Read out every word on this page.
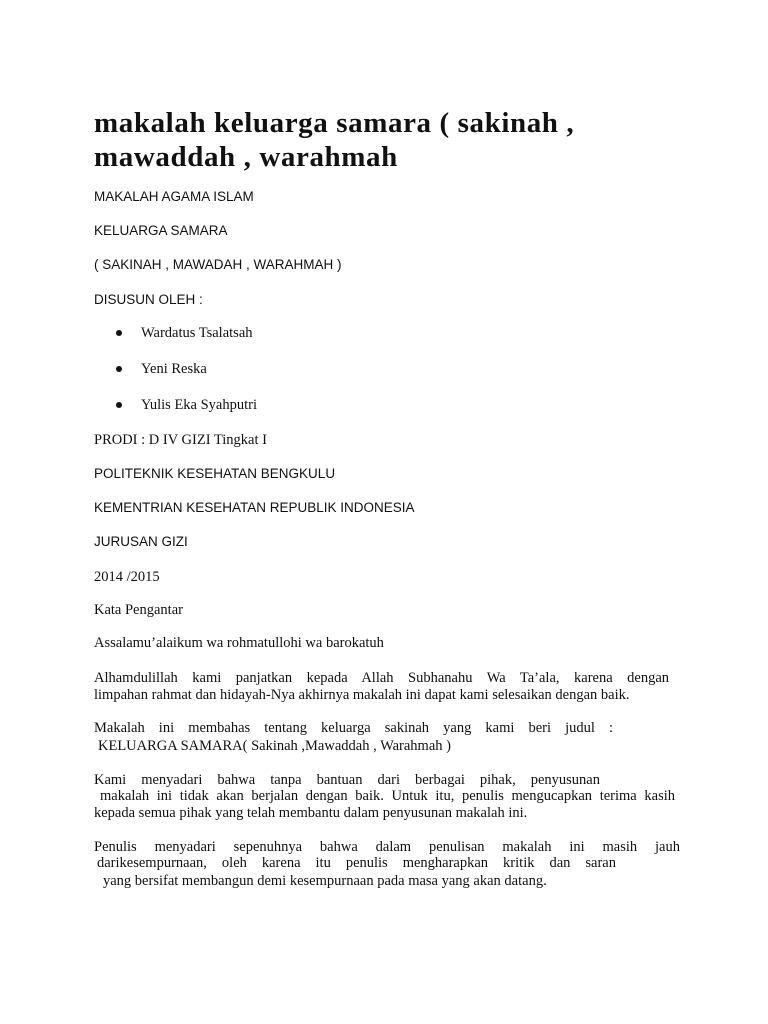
makalah keluarga samara ( sakinah ,
mawaddah , warahmah
MAKALAH AGAMA ISLAM
KELUARGA SAMARA
( SAKINAH , MAWADAH , WARAHMAH )
DISUSUN OLEH :
Wardatus Tsalatsah
Yeni Reska
Yulis Eka Syahputri
PRODI : D IV GIZI Tingkat I
POLITEKNIK KESEHATAN BENGKULU
KEMENTRIAN KESEHATAN REPUBLIK INDONESIA
JURUSAN GIZI
2014 /2015
Kata Pengantar
Assalamu’alaikum wa rohmatullohi wa barokatuh
Alhamdulillah kami panjatkan kepada Allah Subhanahu Wa Ta’ala, karena dengan
limpahan rahmat dan hidayah-Nya akhirnya makalah ini dapat kami selesaikan dengan baik.
Makalah ini membahas tentang keluarga sakinah yang kami beri judul :
KELUARGA SAMARA( Sakinah ,Mawaddah , Warahmah )
Kami menyadari bahwa tanpa bantuan dari berbagai pihak, penyusunan
makalah ini tidak akan berjalan dengan baik. Untuk itu, penulis mengucapkan terima kasih
kepada semua pihak yang telah membantu dalam penyusunan makalah ini.
Penulis menyadari sepenuhnya bahwa dalam penulisan makalah ini masih jauh
darikesempurnaan, oleh karena itu penulis mengharapkan kritik dan saran
yang bersifat membangun demi kesempurnaan pada masa yang akan datang.
